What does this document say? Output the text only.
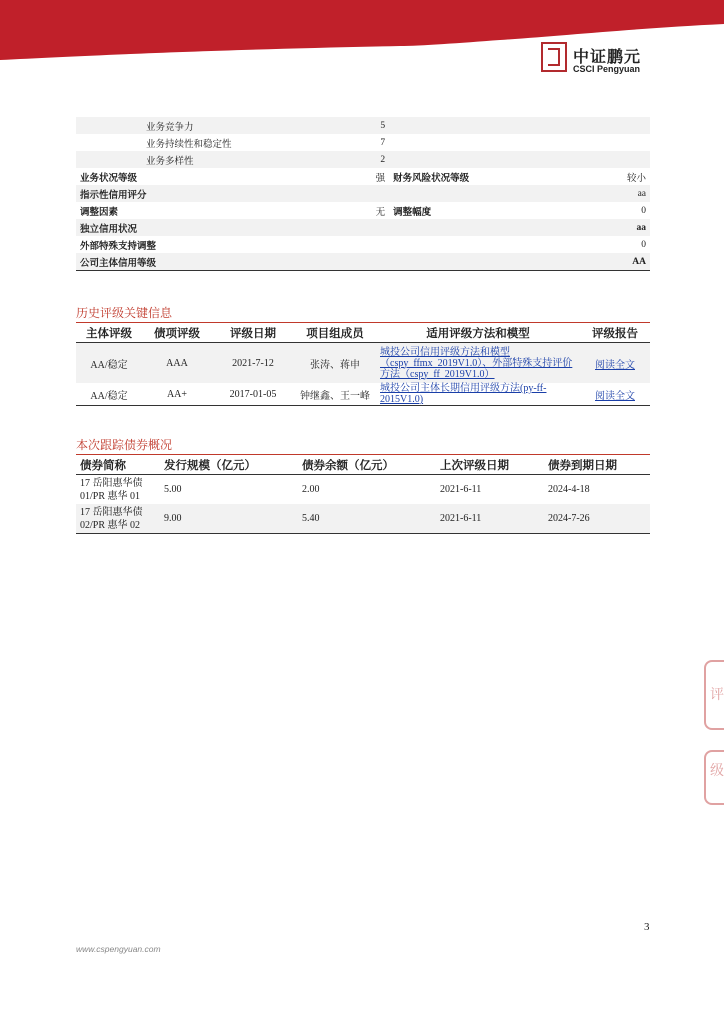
中证鹏元
CSCI Pengyuan
业务竞争力	5		
业务持续性和稳定性	7		
业务多样性	2		
业务状况等级	强	财务风险状况等级	较小
指示性信用评分			aa
调整因素	无	调整幅度	0
独立信用状况			aa
外部特殊支持调整			0
公司主体信用等级			AA
历史评级关键信息
主体评级	债项评级	评级日期	项目组成员	适用评级方法和模型	评级报告
AA/稳定	AAA	2021-7-12	张涛、蒋申	城投公司信用评级方法和模型（cspy_ffmx_2019V1.0）、外部特殊支持评价方法（cspy_ff_2019V1.0）	阅读全文
AA/稳定	AA+	2017-01-05	钟继鑫、王一峰	城投公司主体长期信用评级方法(py-ff-2015V1.0)	阅读全文
本次跟踪债券概况
债券简称	发行规模（亿元）	债券余额（亿元）	上次评级日期	债券到期日期
17 岳阳惠华债 01/PR 惠华 01	5.00	2.00	2021-6-11	2024-4-18
17 岳阳惠华债 02/PR 惠华 02	9.00	5.40	2021-6-11	2024-7-26
评
级
3
www.cspengyuan.com
